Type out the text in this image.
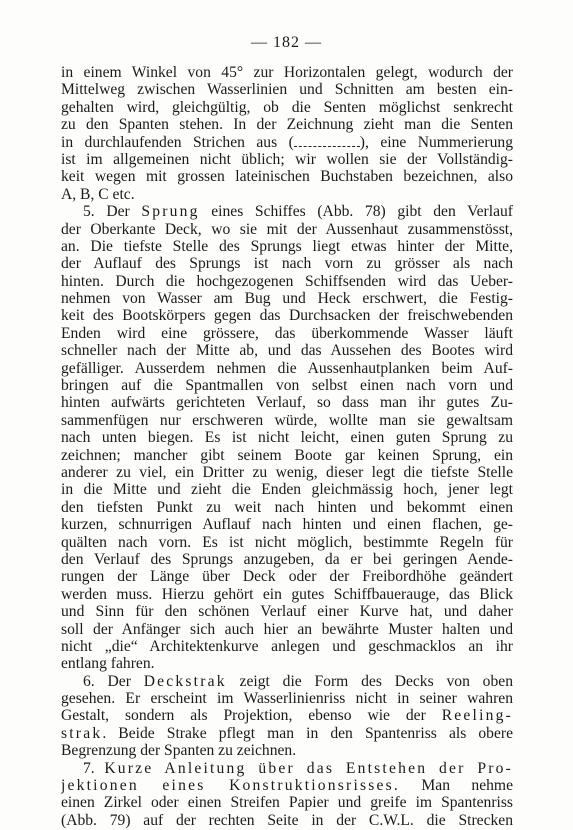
— 182 —

in einem Winkel von 45° zur Horizontalen gelegt, wodurch der
Mittelweg zwischen Wasserlinien und Schnitten am besten ein-
gehalten wird, gleichgültig, ob die Senten möglichst senkrecht
zu den Spanten stehen. In der Zeichnung zieht man die Senten
in durchlaufenden Strichen aus (	), eine Nummerierung
ist im allgemeinen nicht üblich; wir wollen sie der Vollständig-
keit wegen mit grossen lateinischen Buchstaben bezeichnen, also
A, B, C etc.
5. Der Sprung eines Schiffes (Abb. 78) gibt den Verlauf
der Oberkante Deck, wo sie mit der Aussenhaut zusammenstösst,
an. Die tiefste Stelle des Sprungs liegt etwas hinter der Mitte,
der Auflauf des Sprungs ist nach vorn zu grösser als nach
hinten. Durch die hochgezogenen Schiffsenden wird das Ueber-
nehmen von Wasser am Bug und Heck erschwert, die Festig-
keit des Bootskörpers gegen das Durchsacken der freischwebenden
Enden wird eine grössere, das überkommende Wasser läuft
schneller nach der Mitte ab, und das Aussehen des Bootes wird
gefälliger. Ausserdem nehmen die Aussenhautplanken beim Auf-
bringen auf die Spantmallen von selbst einen nach vorn und
hinten aufwärts gerichteten Verlauf, so dass man ihr gutes Zu-
sammenfügen nur erschweren würde, wollte man sie gewaltsam
nach unten biegen. Es ist nicht leicht, einen guten Sprung zu
zeichnen; mancher gibt seinem Boote gar keinen Sprung, ein
anderer zu viel, ein Dritter zu wenig, dieser legt die tiefste Stelle
in die Mitte und zieht die Enden gleichmässig hoch, jener legt
den tiefsten Punkt zu weit nach hinten und bekommt einen
kurzen, schnurrigen Auflauf nach hinten und einen flachen, ge-
quälten nach vorn. Es ist nicht möglich, bestimmte Regeln für
den Verlauf des Sprungs anzugeben, da er bei geringen Aende-
rungen der Länge über Deck oder der Freibordhöhe geändert
werden muss. Hierzu gehört ein gutes Schiffbauerauge, das Blick
und Sinn für den schönen Verlauf einer Kurve hat, und daher
soll der Anfänger sich auch hier an bewährte Muster halten und
nicht „die“ Architektenkurve anlegen und geschmacklos an ihr
entlang fahren.
6. Der Deckstrak zeigt die Form des Decks von oben
gesehen. Er erscheint im Wasserlinienriss nicht in seiner wahren
Gestalt, sondern als Projektion, ebenso wie der Reeling-
strak. Beide Strake pflegt man in den Spantenriss als obere
Begrenzung der Spanten zu zeichnen.
7. Kurze Anleitung über das Entstehen der Pro-
jektionen eines Konstruktionsrisses. Man nehme
einen Zirkel oder einen Streifen Papier und greife im Spantenriss
(Abb. 79) auf der rechten Seite in der C.W.L. die Strecken
